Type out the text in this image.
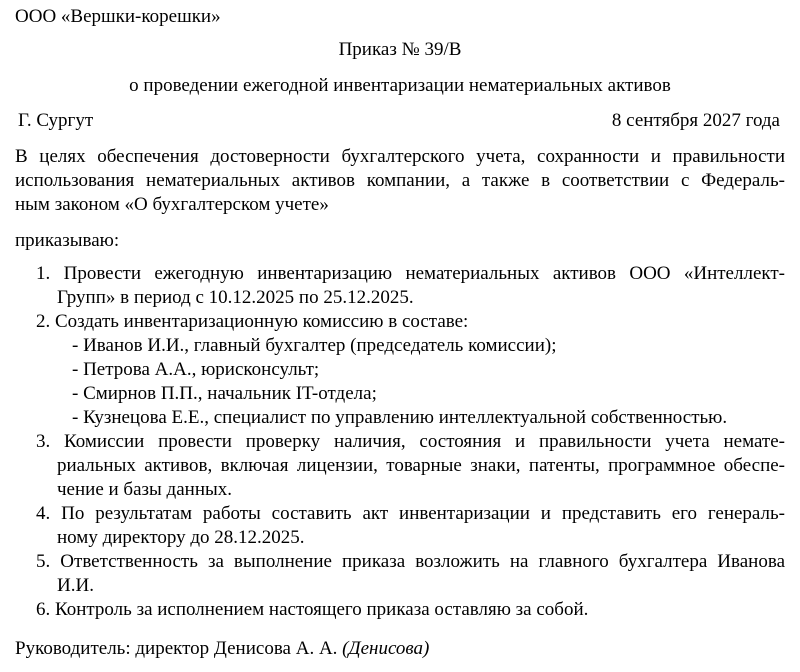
ООО «Вершки-корешки»
Приказ № 39/В
о проведении ежегодной инвентаризации нематериальных активов
Г. Сургут	8 сентября 2027 года
В целях обеспечения достоверности бухгалтерского учета, сохранности и правильности
использования нематериальных активов компании, а также в соответствии с Федераль-
ным законом «О бухгалтерском учете»
приказываю:
1. Провести ежегодную инвентаризацию нематериальных активов ООО «Интеллект-
Групп» в период с 10.12.2025 по 25.12.2025.
2. Создать инвентаризационную комиссию в составе:
- Иванов И.И., главный бухгалтер (председатель комиссии);
- Петрова А.А., юрисконсульт;
- Смирнов П.П., начальник IT-отдела;
- Кузнецова Е.Е., специалист по управлению интеллектуальной собственностью.
3. Комиссии провести проверку наличия, состояния и правильности учета немате-
риальных активов, включая лицензии, товарные знаки, патенты, программное обеспе-
чение и базы данных.
4. По результатам работы составить акт инвентаризации и представить его генераль-
ному директору до 28.12.2025.
5. Ответственность за выполнение приказа возложить на главного бухгалтера Иванова
И.И.
6. Контроль за исполнением настоящего приказа оставляю за собой.
Руководитель: директор Денисова А. А. (Денисова)
